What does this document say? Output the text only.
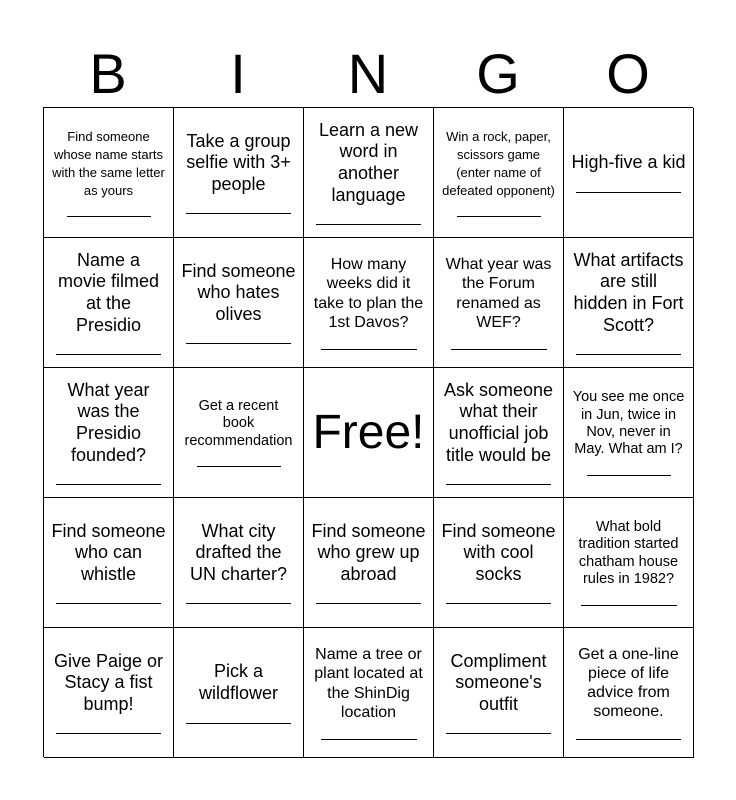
B	I	N	G	O
Find someone whose name starts with the same letter as yours
Take a group selfie with 3+ people
Learn a new word in another language
Win a rock, paper, scissors game (enter name of defeated opponent)
High-five a kid
Name a movie filmed at the Presidio
Find someone who hates olives
How many weeks did it take to plan the 1st Davos?
What year was the Forum renamed as WEF?
What artifacts are still hidden in Fort Scott?
What year was the Presidio founded?
Get a recent book recommendation Free!
Ask someone what their unofficial job title would be
You see me once in Jun, twice in Nov, never in May. What am I?
Find someone who can whistle
What city drafted the UN charter?
Find someone who grew up abroad
Find someone with cool socks
What bold tradition started chatham house rules in 1982?
Give Paige or Stacy a fist bump!
Pick a wildflower
Name a tree or plant located at the ShinDig location
Compliment someone's outfit
Get a one-line piece of life advice from someone.
